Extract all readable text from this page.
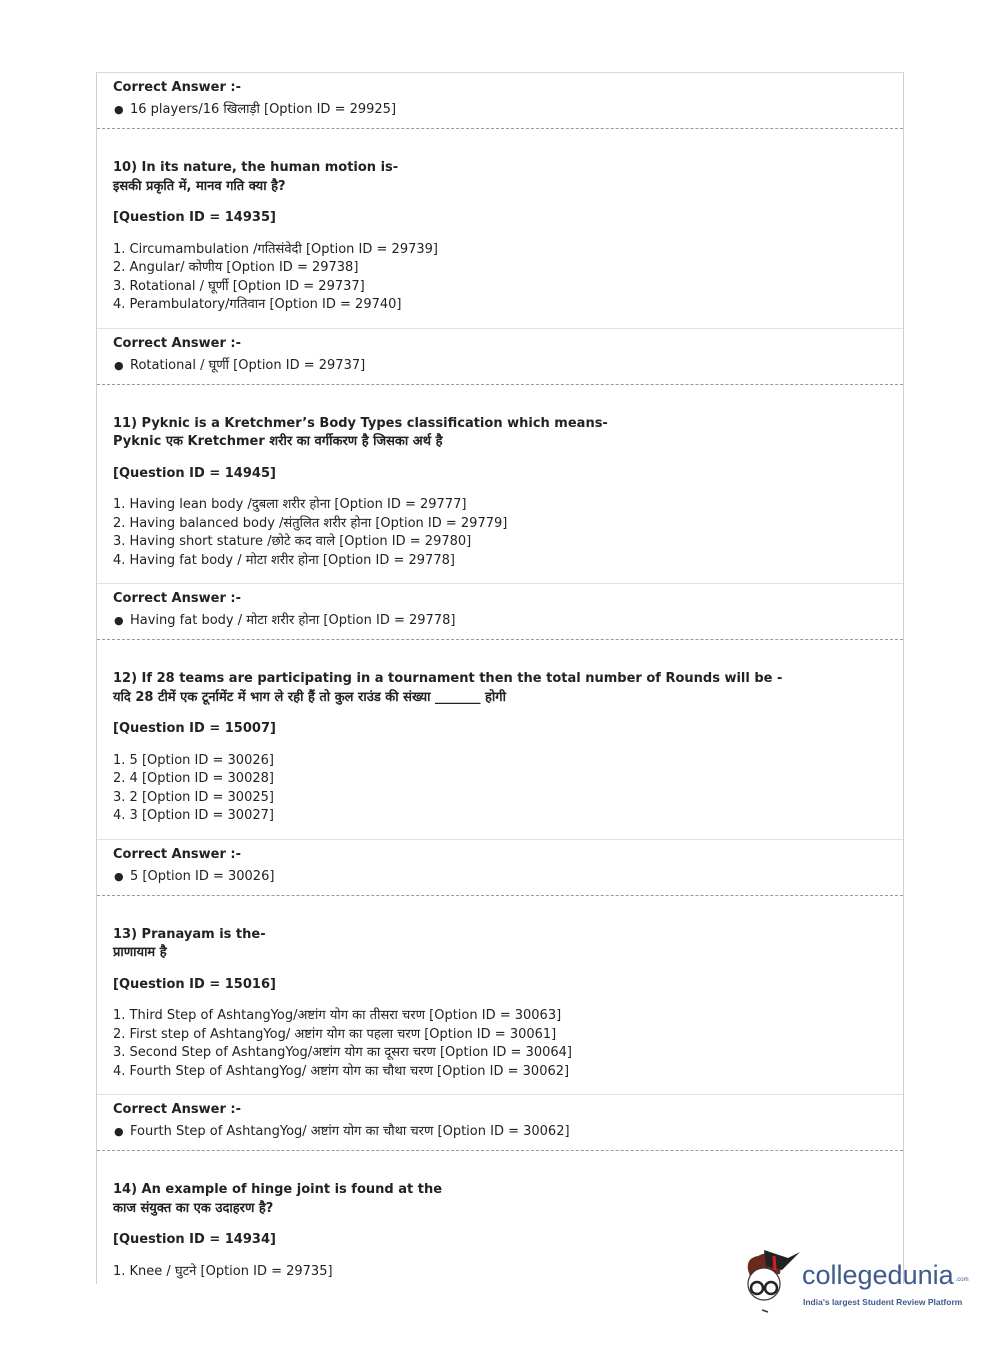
Correct Answer :-
● 16 players/16 खिलाड़ी [Option ID = 29925]
10) In its nature, the human motion is-
इसकी प्रकृति में, मानव गति क्या है?
[Question ID = 14935]
1. Circumambulation /गतिसंवेदी [Option ID = 29739]
2. Angular/ कोणीय [Option ID = 29738]
3. Rotational / घूर्णी [Option ID = 29737]
4. Perambulatory/गतिवान [Option ID = 29740]
Correct Answer :-
● Rotational / घूर्णी [Option ID = 29737]
11) Pyknic is a Kretchmer’s Body Types classification which means-
Pyknic एक Kretchmer शरीर का वर्गीकरण है जिसका अर्थ है
[Question ID = 14945]
1. Having lean body /दुबला शरीर होना [Option ID = 29777]
2. Having balanced body /संतुलित शरीर होना [Option ID = 29779]
3. Having short stature /छोटे कद वाले [Option ID = 29780]
4. Having fat body / मोटा शरीर होना [Option ID = 29778]
Correct Answer :-
● Having fat body / मोटा शरीर होना [Option ID = 29778]
12) If 28 teams are participating in a tournament then the total number of Rounds will be -
यदि 28 टीमें एक टूर्नामेंट में भाग ले रही हैं तो कुल राउंड की संख्या _______ होगी
[Question ID = 15007]
1. 5 [Option ID = 30026]
2. 4 [Option ID = 30028]
3. 2 [Option ID = 30025]
4. 3 [Option ID = 30027]
Correct Answer :-
● 5 [Option ID = 30026]
13) Pranayam is the-
प्राणायाम है
[Question ID = 15016]
1. Third Step of AshtangYog/अष्टांग योग का तीसरा चरण [Option ID = 30063]
2. First step of AshtangYog/ अष्टांग योग का पहला चरण [Option ID = 30061]
3. Second Step of AshtangYog/अष्टांग योग का दूसरा चरण [Option ID = 30064]
4. Fourth Step of AshtangYog/ अष्टांग योग का चौथा चरण [Option ID = 30062]
Correct Answer :-
● Fourth Step of AshtangYog/ अष्टांग योग का चौथा चरण [Option ID = 30062]
14) An example of hinge joint is found at the
काज संयुक्त का एक उदाहरण है?
[Question ID = 14934]
1. Knee / घुटने [Option ID = 29735]	collegedunia .com
India's largest Student Review Platform
